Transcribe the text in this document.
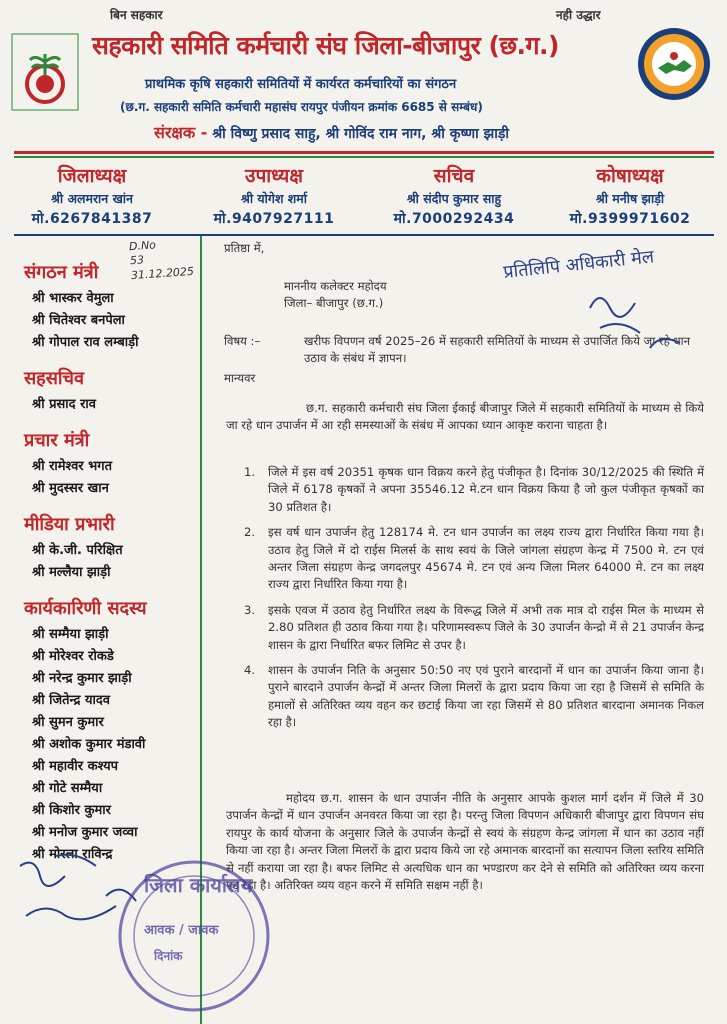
बिन सहकार	नही उद्धार
सहकारी समिति कर्मचारी संघ जिला-बीजापुर (छ.ग.)
प्राथमिक कृषि सहकारी समितियों में कार्यरत कर्मचारियों का संगठन
(छ.ग. सहकारी समिति कर्मचारी महासंघ रायपुर पंजीयन क्रमांक 6685 से सम्बंध)
संरक्षक - श्री विष्णु प्रसाद साहु, श्री गोविंद राम नाग, श्री कृष्णा झाड़ी
जिलाध्यक्ष
श्री अलमरान खांन
मो.6267841387
उपाध्यक्ष
श्री योगेश शर्मा
मो.9407927111
सचिव
श्री संदीप कुमार साहु
मो.7000292434
कोषाध्यक्ष
श्री मनीष झाड़ी
मो.9399971602
संगठन मंत्री
श्री भास्कर वेमुला
श्री चितेश्वर बनपेला
श्री गोपाल राव लम्बाड़ी
सहसचिव
श्री प्रसाद राव
प्रचार मंत्री
श्री रामेश्वर भगत
श्री मुदस्सर खान
मीडिया प्रभारी
श्री के.जी. परिक्षित
श्री मल्लैया झाड़ी
कार्यकारिणी सदस्य
श्री सम्मैया झाड़ी
श्री मोरेश्वर रोकडे
श्री नरेन्द्र कुमार झाड़ी
श्री जितेन्द्र यादव
श्री सुमन कुमार
श्री अशोक कुमार मंडावी
श्री महावीर कश्यप
श्री गोटे सम्मैया
श्री किशोर कुमार
श्री मनोज कुमार जव्वा
श्री मोरला राविन्द्र
D.No
53
31.12.2025
प्रतिष्ठा में,
माननीय कलेक्टर महोदय
जिला– बीजापुर (छ.ग.)
विषय :–	खरीफ विपणन वर्ष 2025–26 में सहकारी समितियों के माध्यम से उपार्जित किये जा रहे धान उठाव के संबंध में ज्ञापन।
मान्यवर
छ.ग. सहकारी कर्मचारी संघ जिला ईकाई बीजापुर जिले में सहकारी समितियों के माध्यम से किये जा रहे धान उपार्जन में आ रही समस्याओं के संबंध में आपका ध्यान आकृष्ट कराना चाहता है।
1. जिले में इस वर्ष 20351 कृषक धान विक्रय करने हेतु पंजीकृत है। दिनांक 30/12/2025 की स्थिति में जिले में 6178 कृषकों ने अपना 35546.12 मे.टन धान विक्रय किया है जो कुल पंजीकृत कृषकों का 30 प्रतिशत है।
2. इस वर्ष धान उपार्जन हेतु 128174 मे. टन धान उपार्जन का लक्ष्य राज्य द्वारा निर्धारित किया गया है। उठाव हेतु जिले में दो राईस मिलर्स के साथ स्वयं के जिले जांगला संग्रहण केन्द्र में 7500 मे. टन एवं अन्तर जिला संग्रहण केन्द्र जगदलपुर 45674 मे. टन एवं अन्य जिला मिलर 64000 मे. टन का लक्ष्य राज्य द्वारा निर्धारित किया गया है।
3. इसके एवज में उठाव हेतु निर्धारित लक्ष्य के विरूद्ध जिले में अभी तक मात्र दो राईस मिल के माध्यम से 2.80 प्रतिशत ही उठाव किया गया है। परिणामस्वरूप जिले के 30 उपार्जन केन्द्रो में से 21 उपार्जन केन्द्र शासन के द्वारा निर्धारित बफर लिमिट से उपर है।
4. शासन के उपार्जन निति के अनुसार 50:50 नए एवं पुराने बारदानों में धान का उपार्जन किया जाना है। पुराने बारदाने उपार्जन केन्द्रों में अन्तर जिला मिलरों के द्वारा प्रदाय किया जा रहा है जिसमें से समिति के हमालों से अतिरिक्त व्यय वहन कर छटाई किया जा रहा जिसमें से 80 प्रतिशत बारदाना अमानक निकल रहा है।
महोदय छ.ग. शासन के धान उपार्जन नीति के अनुसार आपके कुशल मार्ग दर्शन में जिले में 30 उपार्जन केन्द्रों में धान उपार्जन अनवरत किया जा रहा है। परन्तु जिला विपणन अधिकारी बीजापुर द्वारा विपणन संघ रायपुर के कार्य योजना के अनुसार जिले के उपार्जन केन्द्रों से स्वयं के संग्रहण केन्द्र जांगला में धान का उठाव नहीं किया जा रहा है। अन्तर जिला मिलरों के द्वारा प्रदाय किये जा रहे अमानक बारदानों का सत्यापन जिला स्तरिय समिति से नहीं कराया जा रहा है। बफर लिमिट से अत्यधिक धान का भण्डारण कर देने से समिति को अतिरिक्त व्यय करना पड़ रहा है। अतिरिक्त व्यय वहन करने में समिति सक्षम नहीं है।
प्रतिलिपि अधिकारी मेल
जिला कार्यालय
आवक / जावक
दिनांक
